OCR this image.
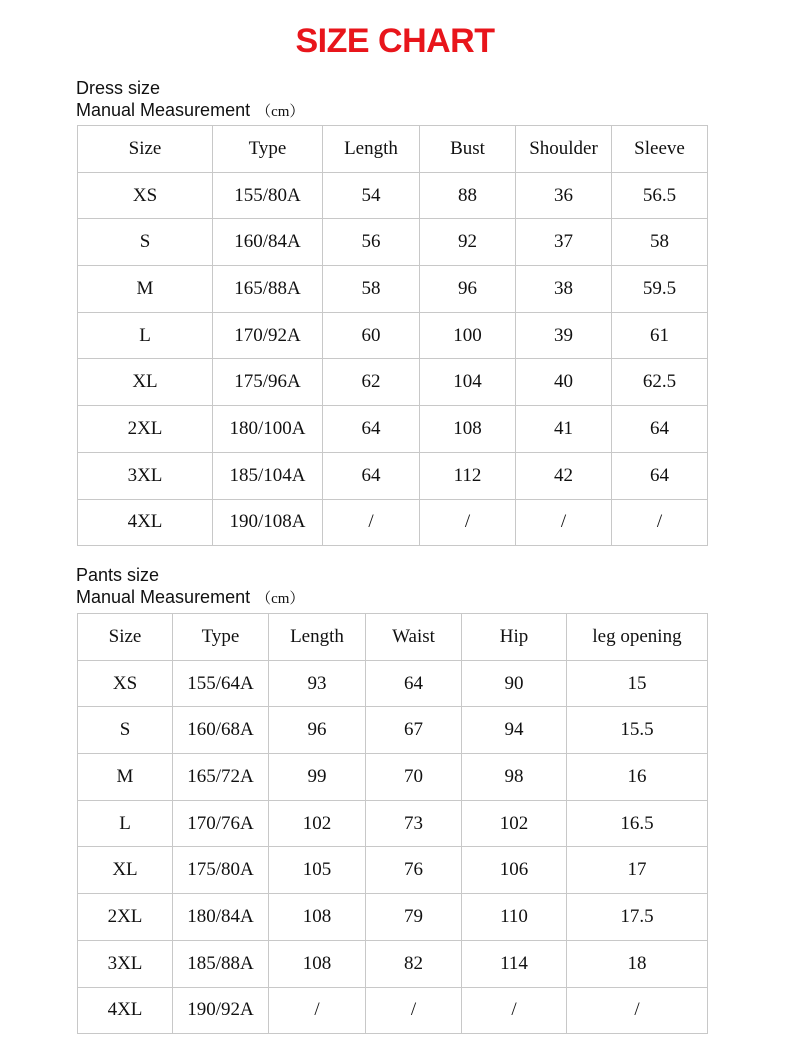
SIZE CHART
Dress size
Manual Measurement （cm）
Size	Type	Length	Bust	Shoulder	Sleeve
XS	155/80A	54	88	36	56.5
S	160/84A	56	92	37	58
M	165/88A	58	96	38	59.5
L	170/92A	60	100	39	61
XL	175/96A	62	104	40	62.5
2XL	180/100A	64	108	41	64
3XL	185/104A	64	112	42	64
4XL	190/108A	/	/	/	/
Pants size
Manual Measurement （cm）
Size	Type	Length	Waist	Hip	leg opening
XS	155/64A	93	64	90	15
S	160/68A	96	67	94	15.5
M	165/72A	99	70	98	16
L	170/76A	102	73	102	16.5
XL	175/80A	105	76	106	17
2XL	180/84A	108	79	110	17.5
3XL	185/88A	108	82	114	18
4XL	190/92A	/	/	/	/
